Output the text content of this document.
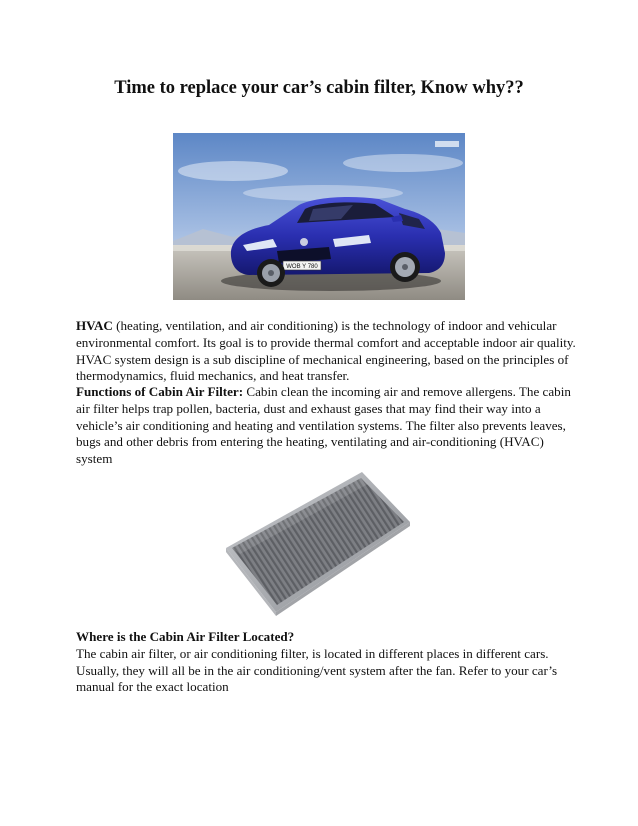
Time to replace your car’s cabin filter, Know why??
WOB Y 780
HVAC (heating, ventilation, and air conditioning) is the technology of indoor and vehicular environmental comfort. Its goal is to provide thermal comfort and acceptable indoor air quality. HVAC system design is a sub discipline of mechanical engineering, based on the principles of thermodynamics, fluid mechanics, and heat transfer.
Functions of Cabin Air Filter: Cabin clean the incoming air and remove allergens. The cabin air filter helps trap pollen, bacteria, dust and exhaust gases that may find their way into a vehicle’s air conditioning and heating and ventilation systems. The filter also prevents leaves, bugs and other debris from entering the heating, ventilating and air-conditioning (HVAC) system
Where is the Cabin Air Filter Located?
The cabin air filter, or air conditioning filter, is located in different places in different cars. Usually, they will all be in the air conditioning/vent system after the fan. Refer to your car’s manual for the exact location
